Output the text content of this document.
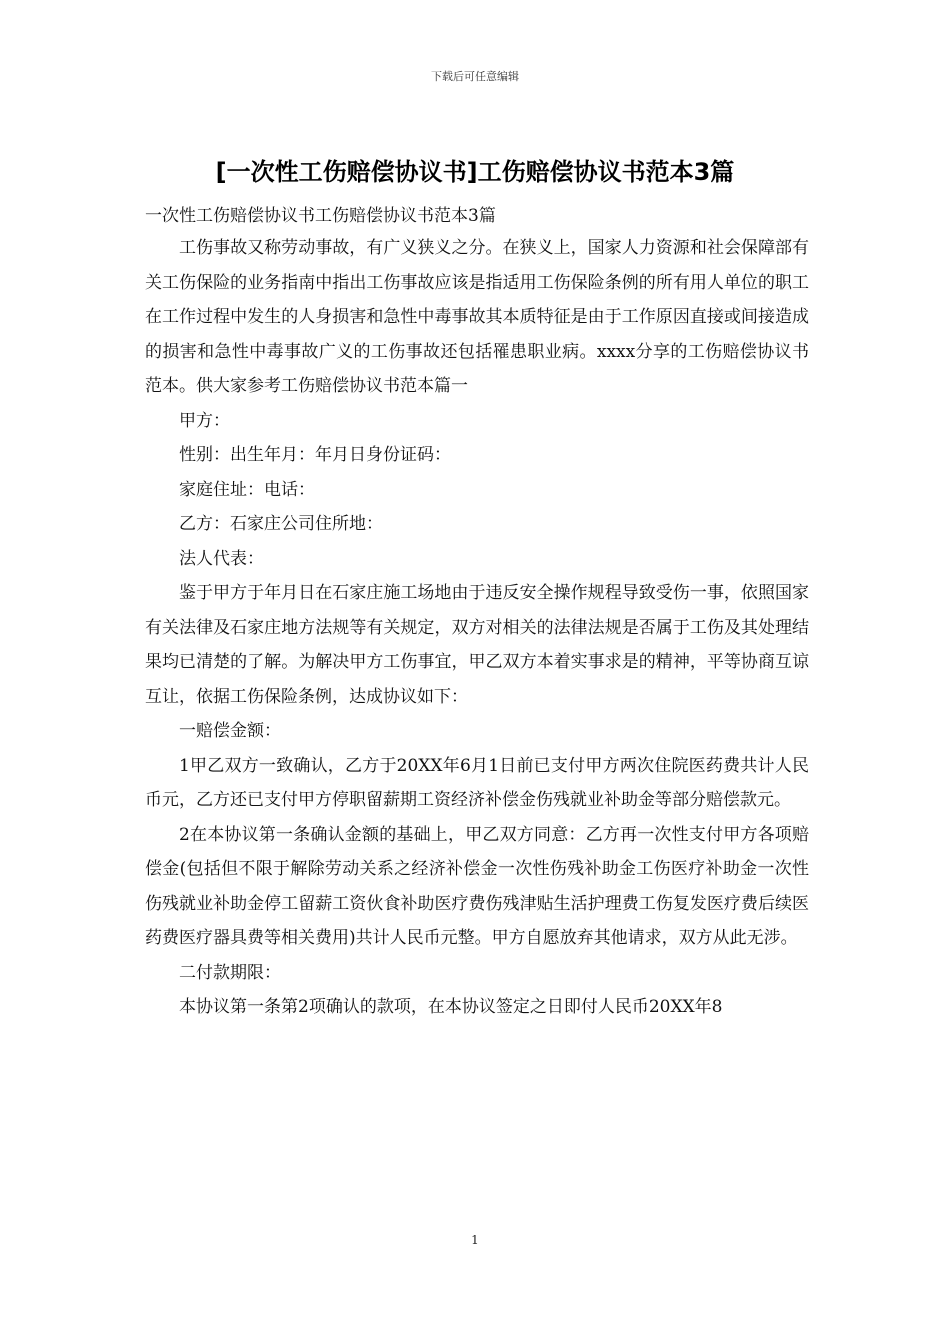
下载后可任意编辑
[一次性工伤赔偿协议书]工伤赔偿协议书范本3篇

一次性工伤赔偿协议书工伤赔偿协议书范本3篇

工伤事故又称劳动事故，有广义狭义之分。在狭义上，国家人力资源和社会保障部有关工伤保险的业务指南中指出工伤事故应该是指适用工伤保险条例的所有用人单位的职工在工作过程中发生的人身损害和急性中毒事故其本质特征是由于工作原因直接或间接造成的损害和急性中毒事故广义的工伤事故还包括罹患职业病。xxxx分享的工伤赔偿协议书范本。供大家参考工伤赔偿协议书范本篇一

甲方：

性别：出生年月：年月日身份证码：

家庭住址：电话：

乙方：石家庄公司住所地：

法人代表：

鉴于甲方于年月日在石家庄施工场地由于违反安全操作规程导致受伤一事，依照国家有关法律及石家庄地方法规等有关规定，双方对相关的法律法规是否属于工伤及其处理结果均已清楚的了解。为解决甲方工伤事宜，甲乙双方本着实事求是的精神，平等协商互谅互让，依据工伤保险条例，达成协议如下：

一赔偿金额：

1甲乙双方一致确认，乙方于20XX年6月1日前已支付甲方两次住院医药费共计人民币元，乙方还已支付甲方停职留薪期工资经济补偿金伤残就业补助金等部分赔偿款元。

2在本协议第一条确认金额的基础上，甲乙双方同意：乙方再一次性支付甲方各项赔偿金(包括但不限于解除劳动关系之经济补偿金一次性伤残补助金工伤医疗补助金一次性伤残就业补助金停工留薪工资伙食补助医疗费伤残津贴生活护理费工伤复发医疗费后续医药费医疗器具费等相关费用)共计人民币元整。甲方自愿放弃其他请求，双方从此无涉。

二付款期限：

本协议第一条第2项确认的款项，在本协议签定之日即付人民币20XX年8

1
